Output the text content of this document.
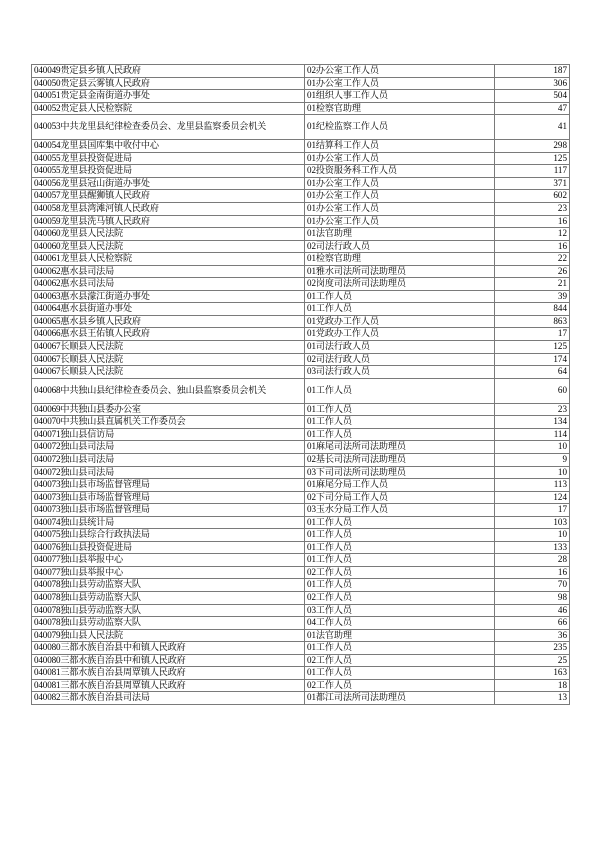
040049贵定县乡镇人民政府	02办公室工作人员	187
040050贵定县云雾镇人民政府	01办公室工作人员	306
040051贵定县金南街道办事处	01组织人事工作人员	504
040052贵定县人民检察院	01检察官助理	47
040053中共龙里县纪律检查委员会、龙里县监察委员会机关	01纪检监察工作人员	41
040054龙里县国库集中收付中心	01结算科工作人员	298
040055龙里县投资促进局	01办公室工作人员	125
040055龙里县投资促进局	02投资服务科工作人员	117
040056龙里县冠山街道办事处	01办公室工作人员	371
040057龙里县醒狮镇人民政府	01办公室工作人员	602
040058龙里县湾滩河镇人民政府	01办公室工作人员	23
040059龙里县洗马镇人民政府	01办公室工作人员	16
040060龙里县人民法院	01法官助理	12
040060龙里县人民法院	02司法行政人员	16
040061龙里县人民检察院	01检察官助理	22
040062惠水县司法局	01雅水司法所司法助理员	26
040062惠水县司法局	02岗度司法所司法助理员	21
040063惠水县濛江街道办事处	01工作人员	39
040064惠水县街道办事处	01工作人员	844
040065惠水县乡镇人民政府	01党政办工作人员	863
040066惠水县王佑镇人民政府	01党政办工作人员	17
040067长顺县人民法院	01司法行政人员	125
040067长顺县人民法院	02司法行政人员	174
040067长顺县人民法院	03司法行政人员	64
040068中共独山县纪律检查委员会、独山县监察委员会机关	01工作人员	60
040069中共独山县委办公室	01工作人员	23
040070中共独山县直属机关工作委员会	01工作人员	134
040071独山县信访局	01工作人员	114
040072独山县司法局	01麻尾司法所司法助理员	10
040072独山县司法局	02基长司法所司法助理员	9
040072独山县司法局	03下司司法所司法助理员	10
040073独山县市场监督管理局	01麻尾分局工作人员	113
040073独山县市场监督管理局	02下司分局工作人员	124
040073独山县市场监督管理局	03玉水分局工作人员	17
040074独山县统计局	01工作人员	103
040075独山县综合行政执法局	01工作人员	10
040076独山县投资促进局	01工作人员	133
040077独山县举报中心	01工作人员	28
040077独山县举报中心	02工作人员	16
040078独山县劳动监察大队	01工作人员	70
040078独山县劳动监察大队	02工作人员	98
040078独山县劳动监察大队	03工作人员	46
040078独山县劳动监察大队	04工作人员	66
040079独山县人民法院	01法官助理	36
040080三都水族自治县中和镇人民政府	01工作人员	235
040080三都水族自治县中和镇人民政府	02工作人员	25
040081三都水族自治县周覃镇人民政府	01工作人员	163
040081三都水族自治县周覃镇人民政府	02工作人员	18
040082三都水族自治县司法局	01都江司法所司法助理员	13
